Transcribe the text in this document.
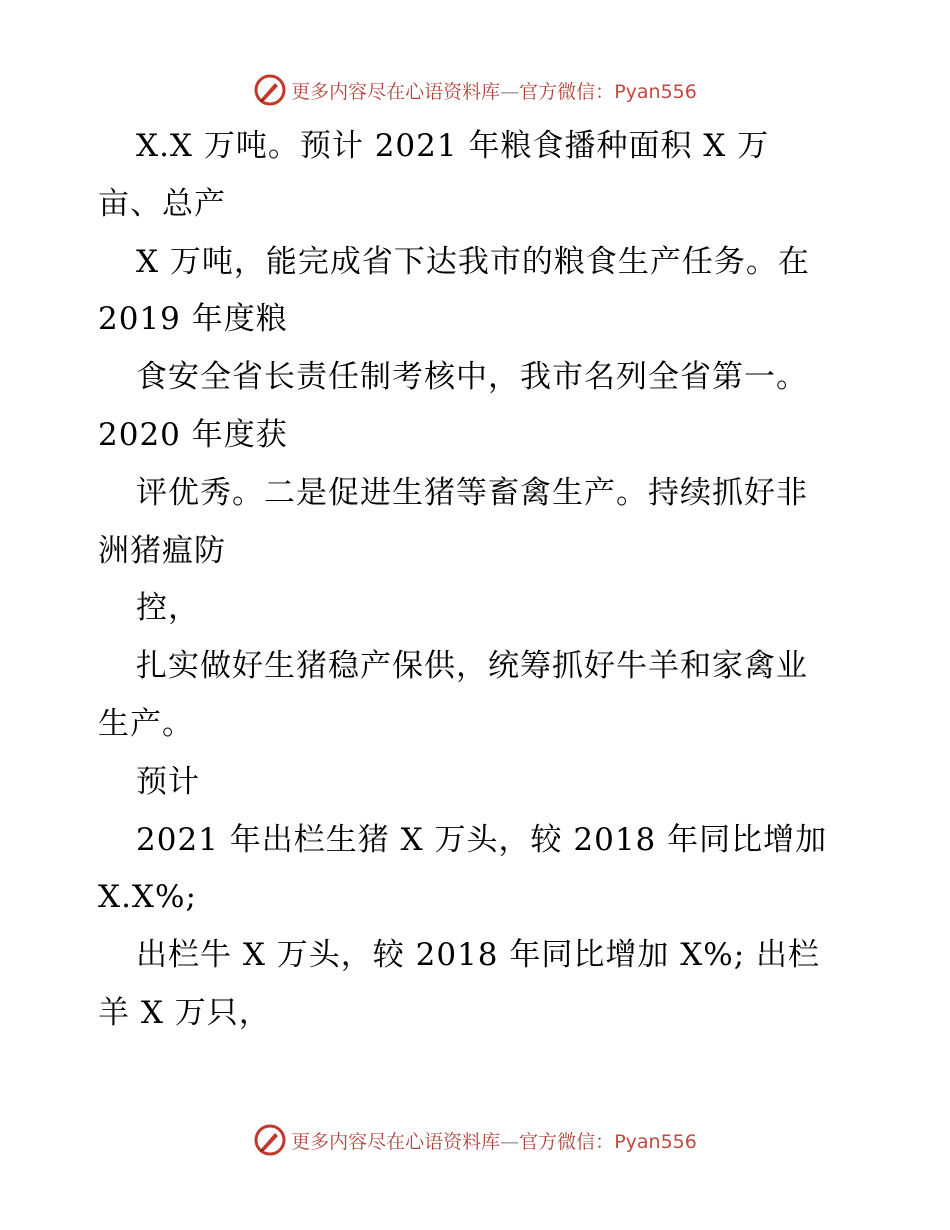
更多内容尽在心语资料库—官方微信：Pyan556
X.X 万吨。预计 2021 年粮食播种面积 X 万
亩、总产
X 万吨，能完成省下达我市的粮食生产任务。在
2019 年度粮
食安全省长责任制考核中，我市名列全省第一。
2020 年度获
评优秀。二是促进生猪等畜禽生产。持续抓好非
洲猪瘟防
控，
扎实做好生猪稳产保供，统筹抓好牛羊和家禽业
生产。
预计
2021 年出栏生猪 X 万头，较 2018 年同比增加
X.X%;
出栏牛 X 万头，较 2018 年同比增加 X%; 出栏
羊 X 万只，
更多内容尽在心语资料库—官方微信：Pyan556
